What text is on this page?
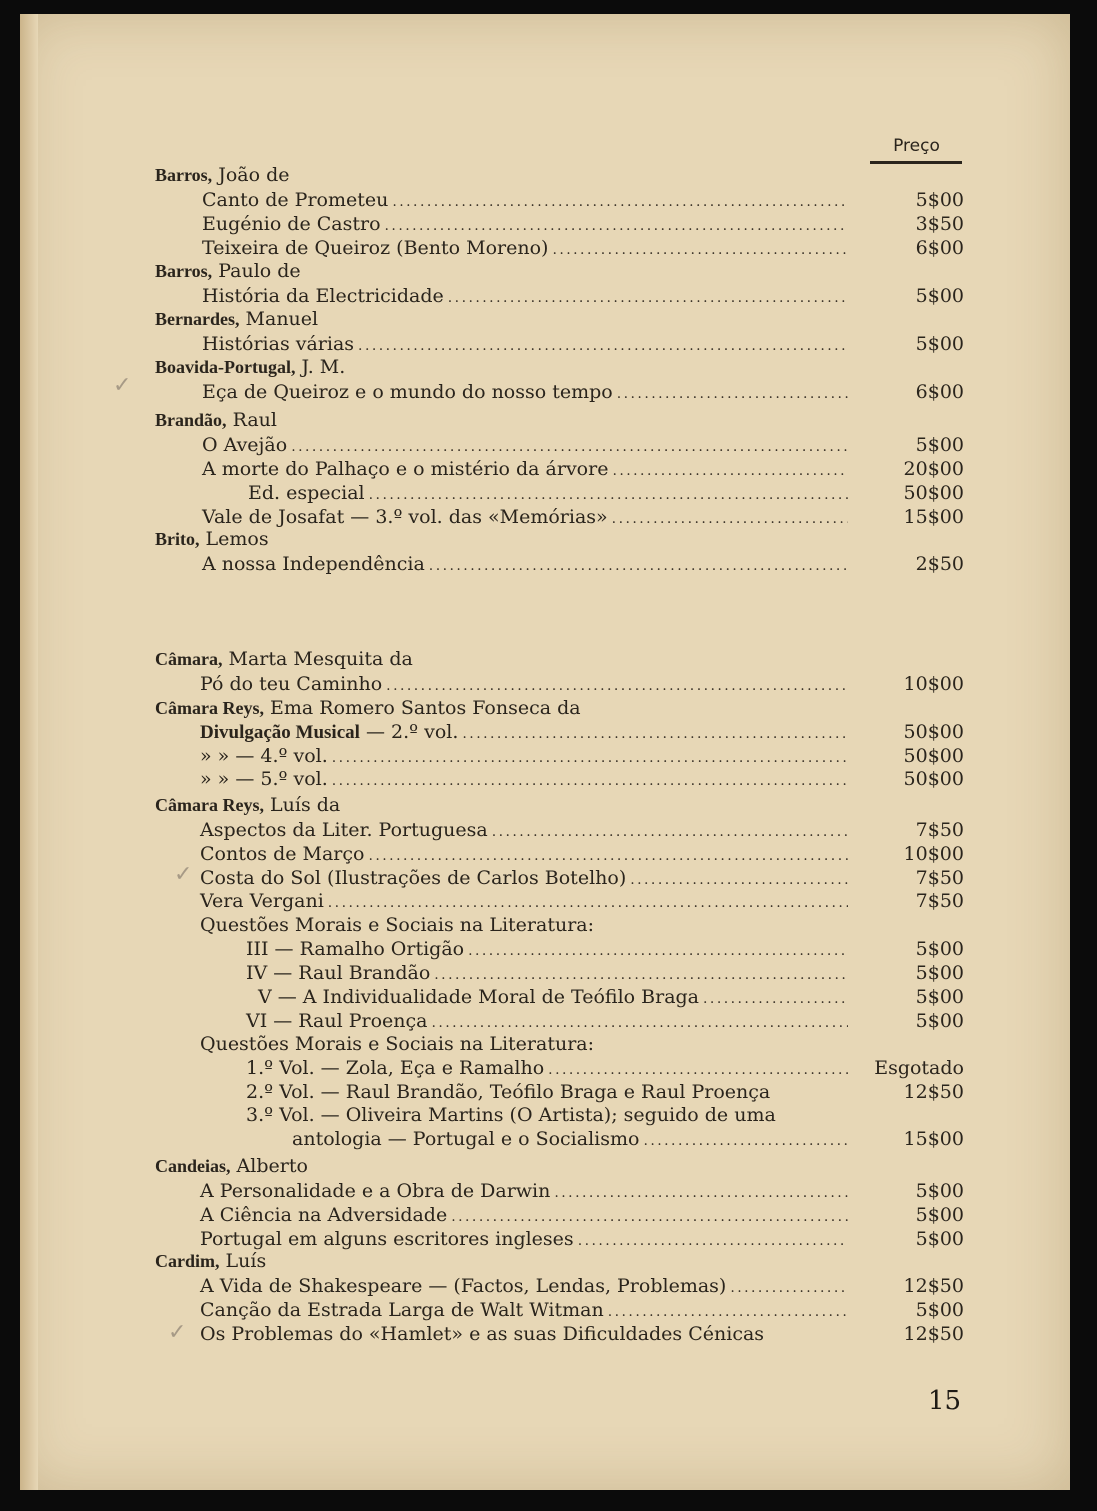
Preço
Barros, João de
Canto de Prometeu . . .	5$00
Eugénio de Castro . . .	3$50
Teixeira de Queiroz (Bento Moreno) . . .	6$00
Barros, Paulo de
História da Electricidade . . .	5$00
Bernardes, Manuel
Histórias várias . . .	5$00
Boavida-Portugal, J. M.
Eça de Queiroz e o mundo do nosso tempo . . .	6$00
Brandão, Raul
O Avejão . . .	5$00
A morte do Palhaço e o mistério da árvore . . .	20$00
Ed. especial . . .	50$00
Vale de Josafat — 3.º vol. das «Memórias» . . .	15$00
Brito, Lemos
A nossa Independência . . .	2$50
Câmara, Marta Mesquita da
Pó do teu Caminho . . .	10$00
Câmara Reys, Ema Romero Santos Fonseca da
Divulgação Musical — 2.º vol. . . .	50$00
» » — 4.º vol. . . .	50$00
» » — 5.º vol. . . .	50$00
Câmara Reys, Luís da
Aspectos da Liter. Portuguesa . . .	7$50
Contos de Março . . .	10$00
Costa do Sol (Ilustrações de Carlos Botelho) . . .	7$50
Vera Vergani . . .	7$50
Questões Morais e Sociais na Literatura:
III — Ramalho Ortigão . . .	5$00
IV — Raul Brandão . . .	5$00
V — A Individualidade Moral de Teófilo Braga . . .	5$00
VI — Raul Proença . . .	5$00
Questões Morais e Sociais na Literatura:
1.º Vol. — Zola, Eça e Ramalho . . .	Esgotado
2.º Vol. — Raul Brandão, Teófilo Braga e Raul Proença	12$50
3.º Vol. — Oliveira Martins (O Artista); seguido de uma
antologia — Portugal e o Socialismo . . .	15$00
Candeias, Alberto
A Personalidade e a Obra de Darwin . . .	5$00
A Ciência na Adversidade . . .	5$00
Portugal em alguns escritores ingleses . . .	5$00
Cardim, Luís
A Vida de Shakespeare — (Factos, Lendas, Problemas) . . .	12$50
Canção da Estrada Larga de Walt Witman . . .	5$00
Os Problemas do «Hamlet» e as suas Dificuldades Cénicas	12$50
✓
✓
✓
15
